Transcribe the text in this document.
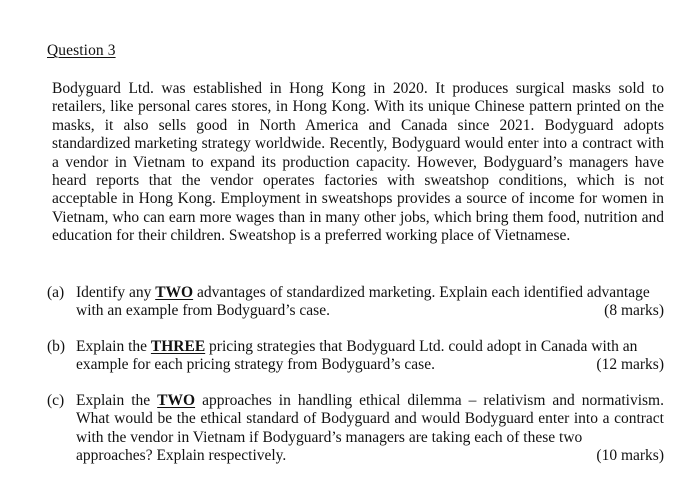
Question 3

Bodyguard Ltd. was established in Hong Kong in 2020. It produces surgical masks sold to retailers, like personal cares stores, in Hong Kong. With its unique Chinese pattern printed on the masks, it also sells good in North America and Canada since 2021. Bodyguard adopts standardized marketing strategy worldwide. Recently, Bodyguard would enter into a contract with a vendor in Vietnam to expand its production capacity. However, Bodyguard’s managers have heard reports that the vendor operates factories with sweatshop conditions, which is not acceptable in Hong Kong. Employment in sweatshops provides a source of income for women in Vietnam, who can earn more wages than in many other jobs, which bring them food, nutrition and education for their children. Sweatshop is a preferred working place of Vietnamese.

(a) Identify any TWO advantages of standardized marketing. Explain each identified advantage
with an example from Bodyguard’s case.	(8 marks)
(b) Explain the THREE pricing strategies that Bodyguard Ltd. could adopt in Canada with an
example for each pricing strategy from Bodyguard’s case.	(12 marks)
(c) Explain the TWO approaches in handling ethical dilemma – relativism and normativism. What would be the ethical standard of Bodyguard and would Bodyguard enter into a contract with the vendor in Vietnam if Bodyguard’s managers are taking each of these two
approaches? Explain respectively.	(10 marks)
